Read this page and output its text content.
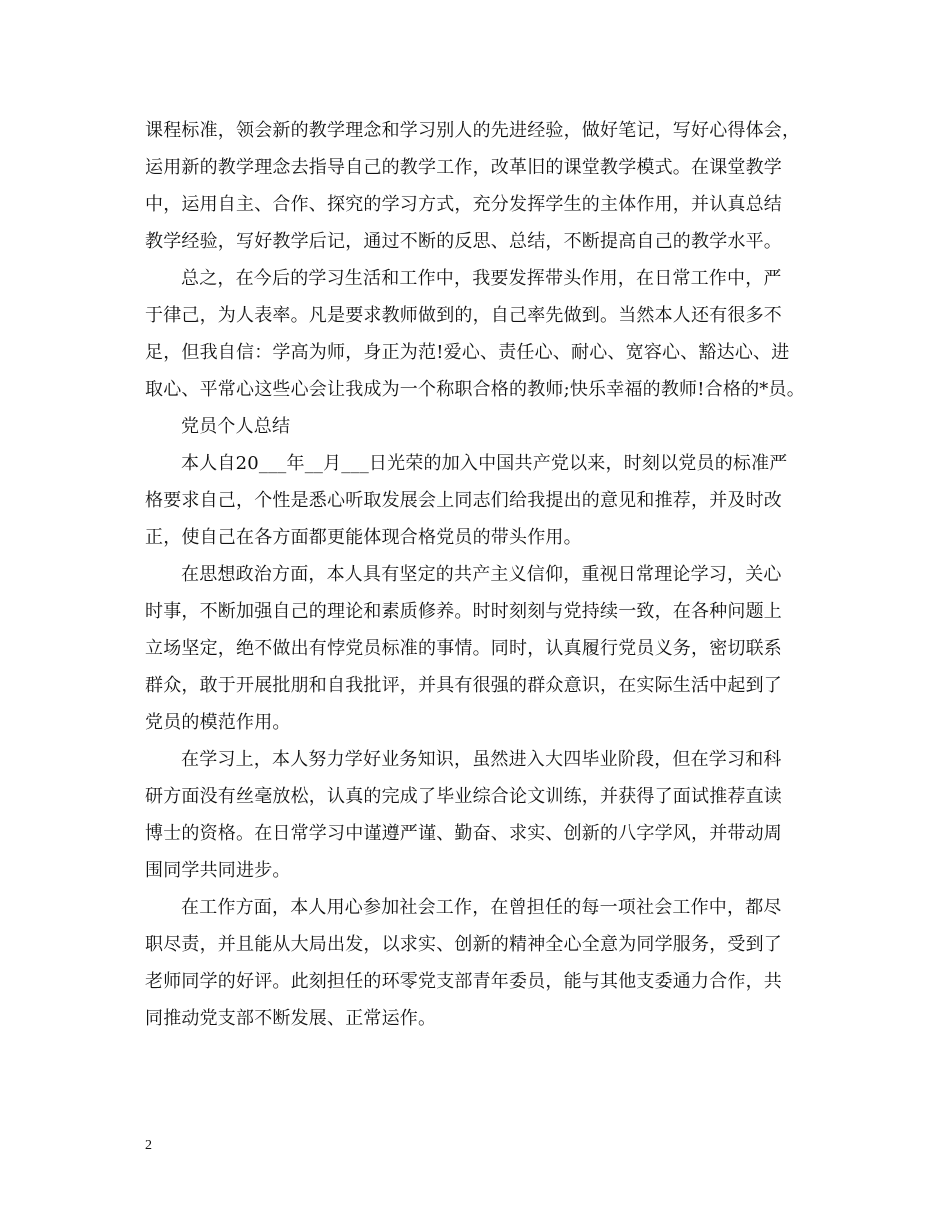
课程标准，领会新的教学理念和学习别人的先进经验，做好笔记，写好心得体会，
运用新的教学理念去指导自己的教学工作，改革旧的课堂教学模式。在课堂教学
中，运用自主、合作、探究的学习方式，充分发挥学生的主体作用，并认真总结
教学经验，写好教学后记，通过不断的反思、总结，不断提高自己的教学水平。
总之，在今后的学习生活和工作中，我要发挥带头作用，在日常工作中，严
于律己，为人表率。凡是要求教师做到的，自己率先做到。当然本人还有很多不
足，但我自信：学高为师，身正为范!爱心、责任心、耐心、宽容心、豁达心、进
取心、平常心这些心会让我成为一个称职合格的教师;快乐幸福的教师!合格的*员。
党员个人总结
本人自20___年__月___日光荣的加入中国共产党以来，时刻以党员的标准严
格要求自己，个性是悉心听取发展会上同志们给我提出的意见和推荐，并及时改
正，使自己在各方面都更能体现合格党员的带头作用。
在思想政治方面，本人具有坚定的共产主义信仰，重视日常理论学习，关心
时事，不断加强自己的理论和素质修养。时时刻刻与党持续一致，在各种问题上
立场坚定，绝不做出有悖党员标准的事情。同时，认真履行党员义务，密切联系
群众，敢于开展批朋和自我批评，并具有很强的群众意识，在实际生活中起到了
党员的模范作用。
在学习上，本人努力学好业务知识，虽然进入大四毕业阶段，但在学习和科
研方面没有丝毫放松，认真的完成了毕业综合论文训练，并获得了面试推荐直读
博士的资格。在日常学习中谨遵严谨、勤奋、求实、创新的八字学风，并带动周
围同学共同进步。
在工作方面，本人用心参加社会工作，在曾担任的每一项社会工作中，都尽
职尽责，并且能从大局出发，以求实、创新的精神全心全意为同学服务，受到了
老师同学的好评。此刻担任的环零党支部青年委员，能与其他支委通力合作，共
同推动党支部不断发展、正常运作。
2
